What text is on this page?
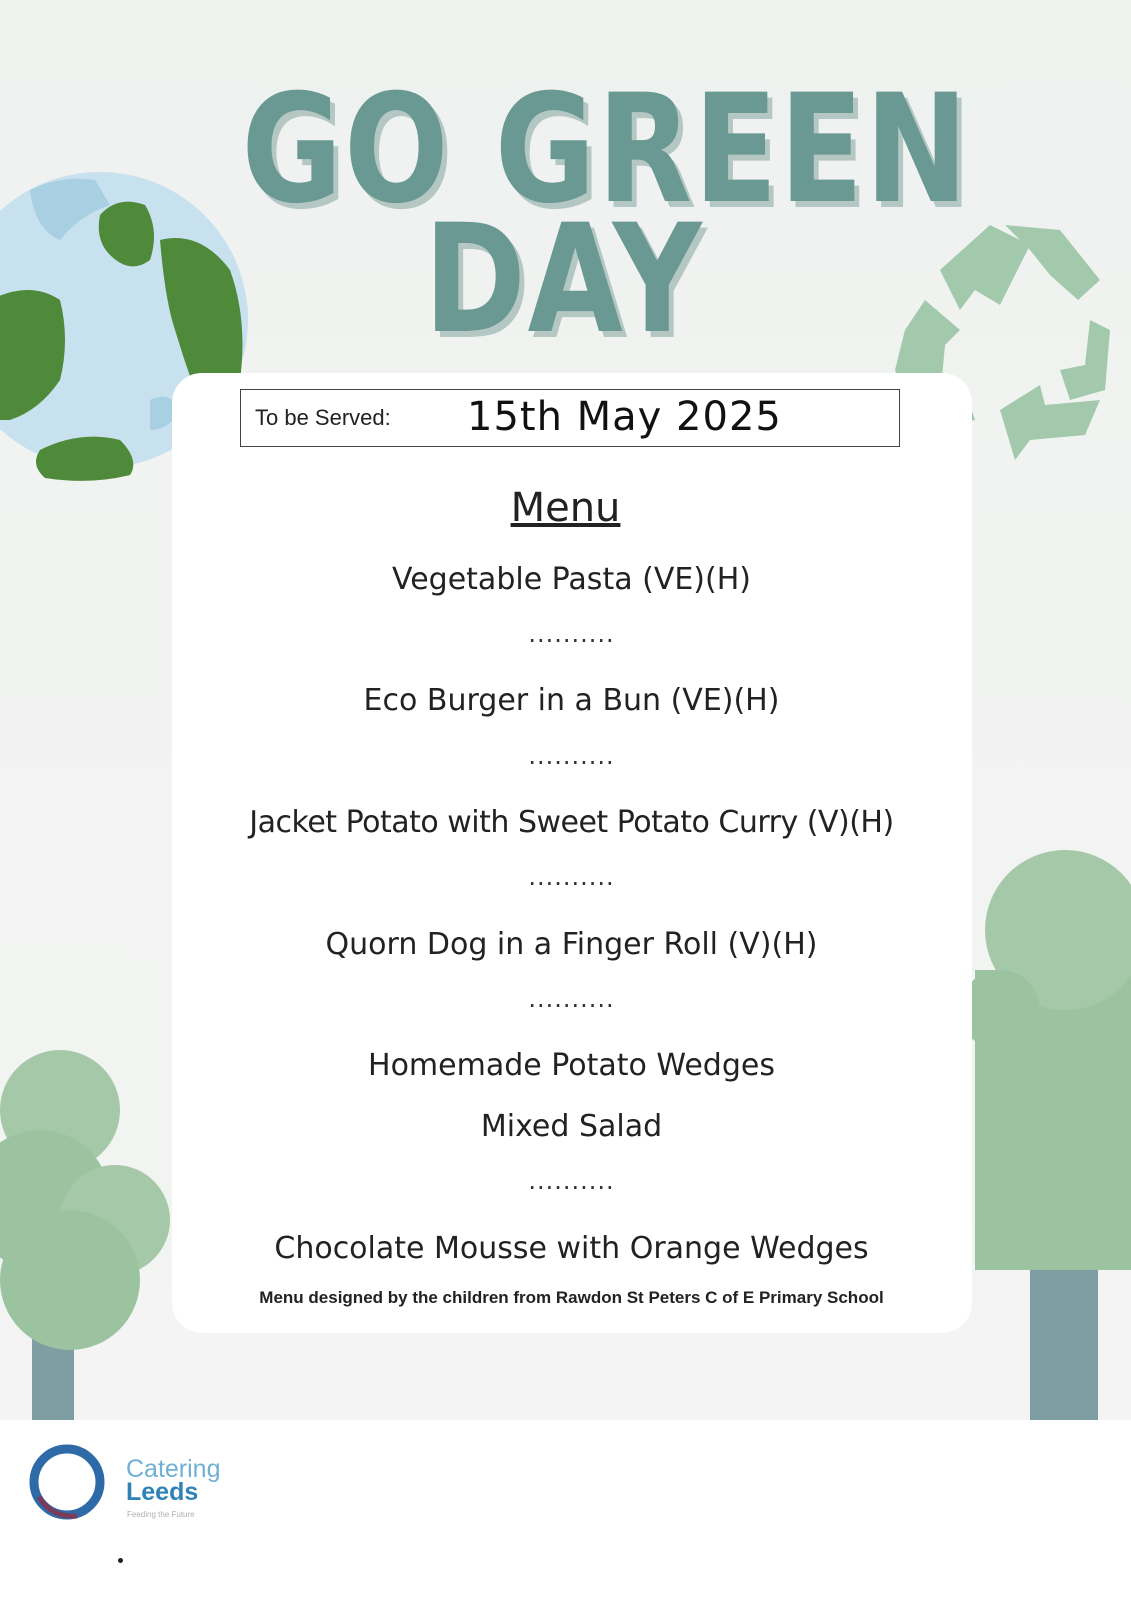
GO GREEN
DAY
To be Served: 15th May 2025
Menu
Vegetable Pasta (VE)(H)
..........
Eco Burger in a Bun (VE)(H)
..........
Jacket Potato with Sweet Potato Curry (V)(H)
..........
Quorn Dog in a Finger Roll (V)(H)
..........
Homemade Potato Wedges
Mixed Salad
..........
Chocolate Mousse with Orange Wedges
Menu designed by the children from Rawdon St Peters C of E Primary School
Catering
Leeds
Feeding the Future
